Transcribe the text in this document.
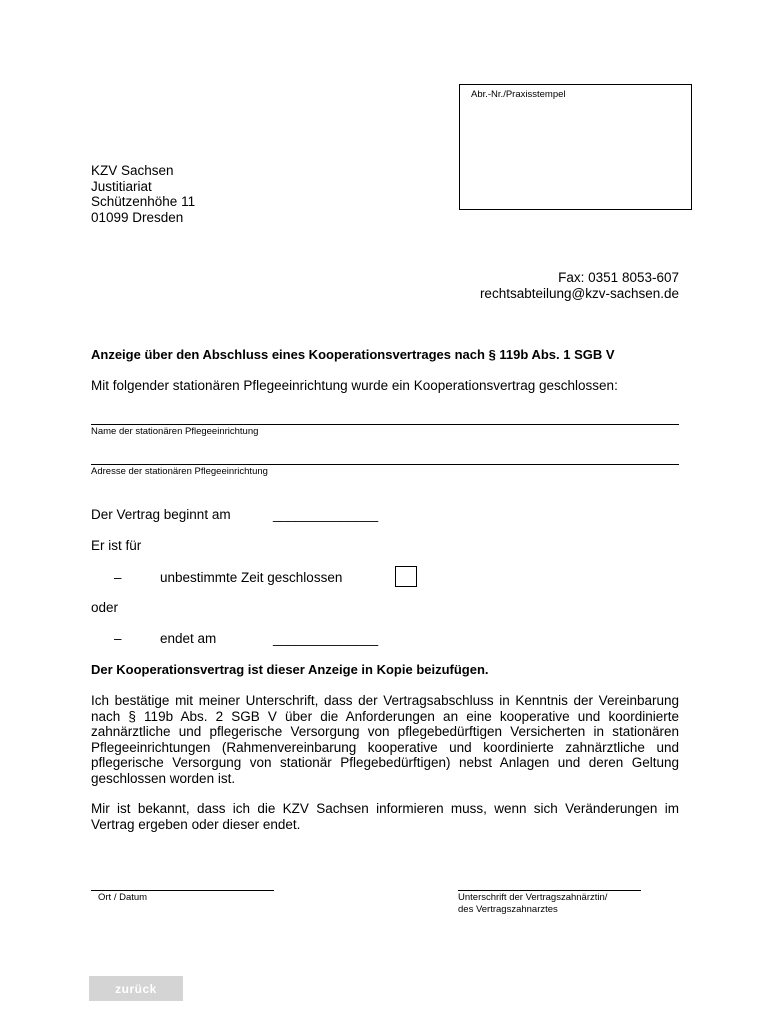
Abr.-Nr./Praxisstempel
KZV Sachsen
Justitiariat
Schützenhöhe 11
01099 Dresden
Fax: 0351 8053-607
rechtsabteilung@kzv-sachsen.de
Anzeige über den Abschluss eines Kooperationsvertrages nach § 119b Abs. 1 SGB V
Mit folgender stationären Pflegeeinrichtung wurde ein Kooperationsvertrag geschlossen:
Name der stationären Pflegeeinrichtung
Adresse der stationären Pflegeeinrichtung
Der Vertrag beginnt am	______________
Er ist für
–	unbestimmte Zeit geschlossen
oder
–	endet am	______________
Der Kooperationsvertrag ist dieser Anzeige in Kopie beizufügen.
Ich bestätige mit meiner Unterschrift, dass der Vertragsabschluss in Kenntnis der Vereinbarung nach § 119b Abs. 2 SGB V über die Anforderungen an eine kooperative und koordinierte zahnärztliche und pflegerische Versorgung von pflegebedürftigen Versicherten in stationären Pflegeeinrichtungen (Rahmenvereinbarung kooperative und koordinierte zahnärztliche und pflegerische Versorgung von stationär Pflegebedürftigen) nebst Anlagen und deren Geltung geschlossen worden ist.
Mir ist bekannt, dass ich die KZV Sachsen informieren muss, wenn sich Veränderungen im Vertrag ergeben oder dieser endet.
Ort / Datum	Unterschrift der Vertragszahnärztin/
des Vertragszahnarztes
zurück
